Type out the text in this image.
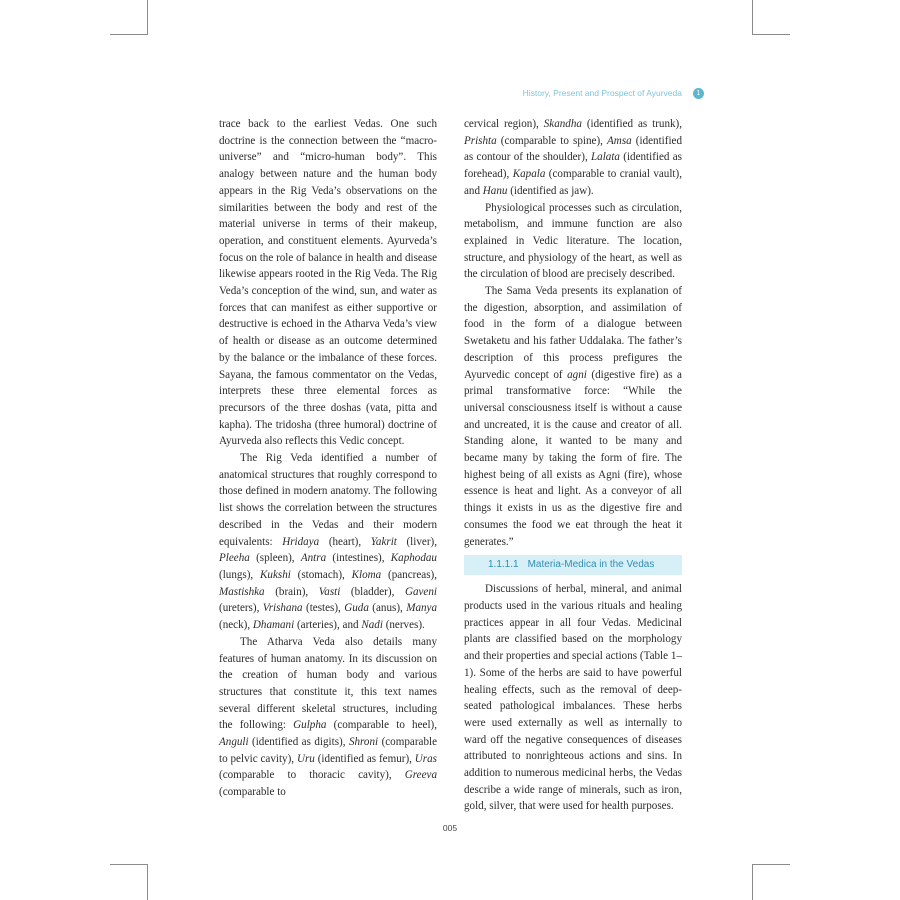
History, Present and Prospect of Ayurveda	1

trace back to the earliest Vedas. One such doctrine is the connection between the “macro-universe” and “micro-human body”. This analogy between nature and the human body appears in the Rig Veda’s observations on the similarities between the body and rest of the material universe in terms of their makeup, operation, and constituent elements. Ayurveda’s focus on the role of balance in health and disease likewise appears rooted in the Rig Veda. The Rig Veda’s conception of the wind, sun, and water as forces that can manifest as either supportive or destructive is echoed in the Atharva Veda’s view of health or disease as an outcome determined by the balance or the imbalance of these forces. Sayana, the famous commentator on the Vedas, interprets these three elemental forces as precursors of the three doshas (vata, pitta and kapha). The tridosha (three humoral) doctrine of Ayurveda also reflects this Vedic concept.

The Rig Veda identified a number of anatomical structures that roughly correspond to those defined in modern anatomy. The following list shows the correlation between the structures described in the Vedas and their modern equivalents: Hridaya (heart), Yakrit (liver), Pleeha (spleen), Antra (intestines), Kaphodau (lungs), Kukshi (stomach), Kloma (pancreas), Mastishka (brain), Vasti (bladder), Gaveni (ureters), Vrishana (testes), Guda (anus), Manya (neck), Dhamani (arteries), and Nadi (nerves).

The Atharva Veda also details many features of human anatomy. In its discussion on the creation of human body and various structures that constitute it, this text names several different skeletal structures, including the following: Gulpha (comparable to heel), Anguli (identified as digits), Shroni (comparable to pelvic cavity), Uru (identified as femur), Uras (comparable to thoracic cavity), Greeva (comparable to

cervical region), Skandha (identified as trunk), Prishta (comparable to spine), Amsa (identified as contour of the shoulder), Lalata (identified as forehead), Kapala (comparable to cranial vault), and Hanu (identified as jaw).

Physiological processes such as circulation, metabolism, and immune function are also explained in Vedic literature. The location, structure, and physiology of the heart, as well as the circulation of blood are precisely described.

The Sama Veda presents its explanation of the digestion, absorption, and assimilation of food in the form of a dialogue between Swetaketu and his father Uddalaka. The father’s description of this process prefigures the Ayurvedic concept of agni (digestive fire) as a primal transformative force: “While the universal consciousness itself is without a cause and uncreated, it is the cause and creator of all. Standing alone, it wanted to be many and became many by taking the form of fire. The highest being of all exists as Agni (fire), whose essence is heat and light. As a conveyor of all things it exists in us as the digestive fire and consumes the food we eat through the heat it generates.”

1.1.1.1 Materia-Medica in the Vedas

Discussions of herbal, mineral, and animal products used in the various rituals and healing practices appear in all four Vedas. Medicinal plants are classified based on the morphology and their properties and special actions (Table 1–1). Some of the herbs are said to have powerful healing effects, such as the removal of deep-seated pathological imbalances. These herbs were used externally as well as internally to ward off the negative consequences of diseases attributed to nonrighteous actions and sins. In addition to numerous medicinal herbs, the Vedas describe a wide range of minerals, such as iron, gold, silver, that were used for health purposes.

005
